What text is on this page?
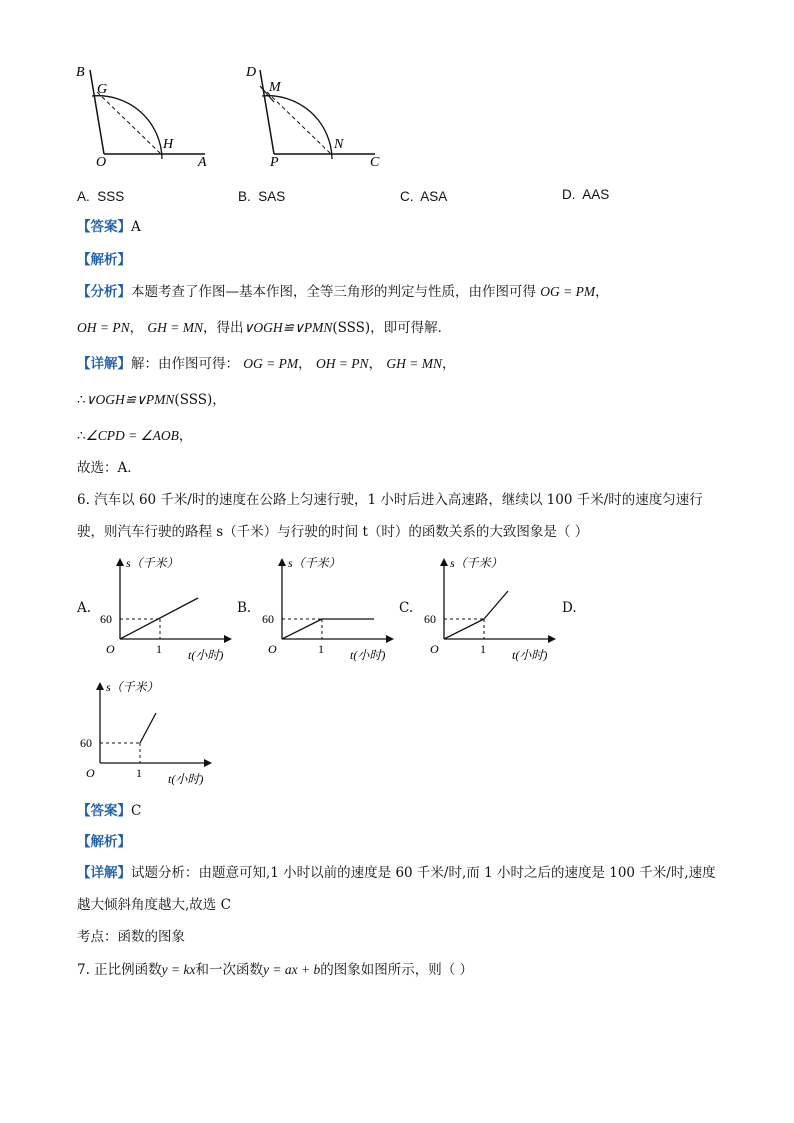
B
G
O
H
A
D
M
P
N
C
A. SSS	B. SAS	C. ASA	D. AAS
【答案】A
【解析】
【分析】本题考查了作图—基本作图，全等三角形的判定与性质，由作图可得 OG = PM，
OH = PN， GH = MN，得出∨OGH≌∨PMN(SSS)，即可得解．
【详解】解：由作图可得： OG = PM， OH = PN， GH = MN，
∴∨OGH≌∨PMN(SSS)，
∴∠CPD = ∠AOB，
故选：A．
6. 汽车以 60 千米/时的速度在公路上匀速行驶，1 小时后进入高速路，继续以 100 千米/时的速度匀速行
驶，则汽车行驶的路程 s（千米）与行驶的时间 t（时）的函数关系的大致图象是（ ）
A.
s（千米）
60
1
O	t(小时)
B.
s（千米）
60
1
O	t(小时)
C.
s（千米）
60
1
O	t(小时)
D.
s（千米）
60
1
O	t(小时)
【答案】C
【解析】
【详解】试题分析：由题意可知,1 小时以前的速度是 60 千米/时,而 1 小时之后的速度是 100 千米/时,速度
越大倾斜角度越大,故选 C
考点：函数的图象
7. 正比例函数y = kx和一次函数y = ax + b的图象如图所示，则（ ）
